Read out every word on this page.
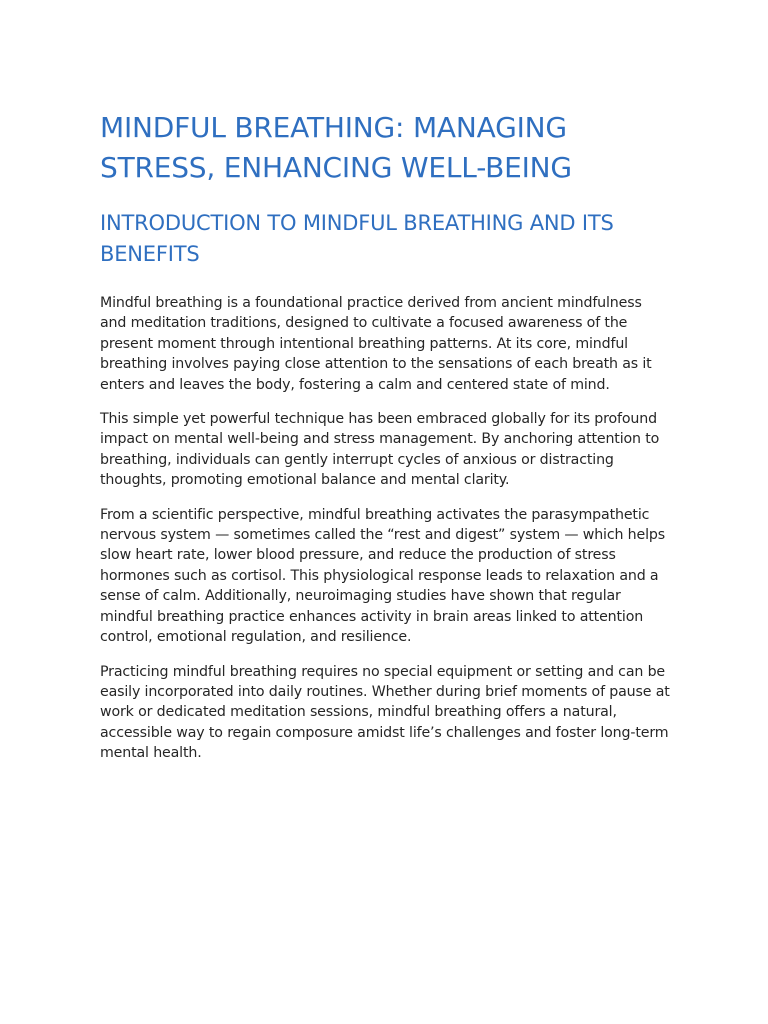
MINDFUL BREATHING: MANAGING STRESS, ENHANCING WELL-BEING
INTRODUCTION TO MINDFUL BREATHING AND ITS BENEFITS

Mindful breathing is a foundational practice derived from ancient mindfulness and meditation traditions, designed to cultivate a focused awareness of the present moment through intentional breathing patterns. At its core, mindful breathing involves paying close attention to the sensations of each breath as it enters and leaves the body, fostering a calm and centered state of mind.

This simple yet powerful technique has been embraced globally for its profound impact on mental well-being and stress management. By anchoring attention to breathing, individuals can gently interrupt cycles of anxious or distracting thoughts, promoting emotional balance and mental clarity.

From a scientific perspective, mindful breathing activates the parasympathetic nervous system — sometimes called the “rest and digest” system — which helps slow heart rate, lower blood pressure, and reduce the production of stress hormones such as cortisol. This physiological response leads to relaxation and a sense of calm. Additionally, neuroimaging studies have shown that regular mindful breathing practice enhances activity in brain areas linked to attention control, emotional regulation, and resilience.

Practicing mindful breathing requires no special equipment or setting and can be easily incorporated into daily routines. Whether during brief moments of pause at work or dedicated meditation sessions, mindful breathing offers a natural, accessible way to regain composure amidst life’s challenges and foster long-term mental health.
